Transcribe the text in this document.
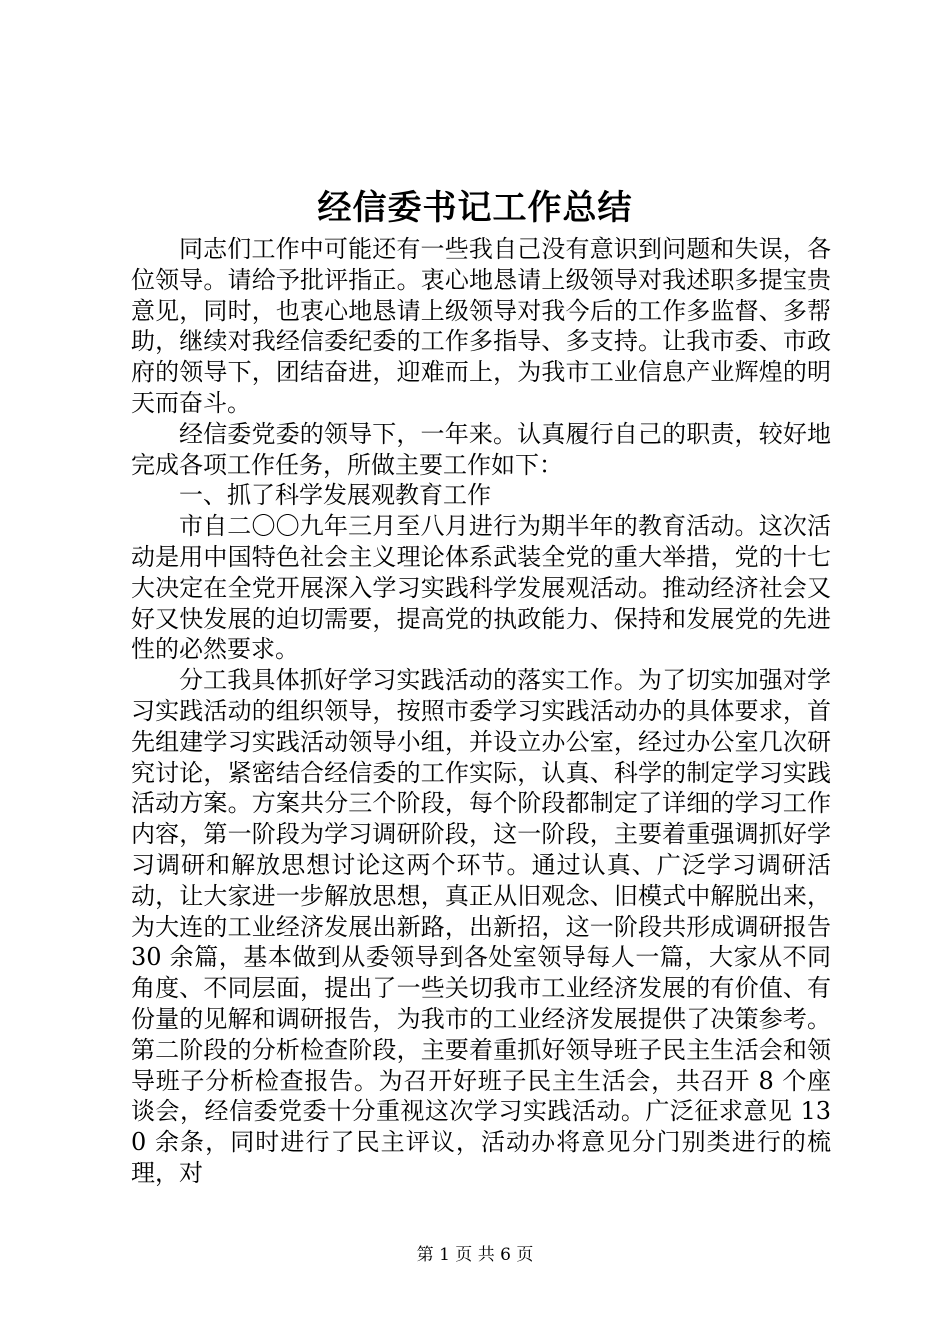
经信委书记工作总结

同志们工作中可能还有一些我自己没有意识到问题和失误，各位领导。请给予批评指正。衷心地恳请上级领导对我述职多提宝贵意见，同时，也衷心地恳请上级领导对我今后的工作多监督、多帮助，继续对我经信委纪委的工作多指导、多支持。让我市委、市政府的领导下，团结奋进，迎难而上，为我市工业信息产业辉煌的明天而奋斗。

经信委党委的领导下，一年来。认真履行自己的职责，较好地完成各项工作任务，所做主要工作如下：

一、抓了科学发展观教育工作

市自二〇〇九年三月至八月进行为期半年的教育活动。这次活动是用中国特色社会主义理论体系武装全党的重大举措，党的十七大决定在全党开展深入学习实践科学发展观活动。推动经济社会又好又快发展的迫切需要，提高党的执政能力、保持和发展党的先进性的必然要求。

分工我具体抓好学习实践活动的落实工作。为了切实加强对学习实践活动的组织领导，按照市委学习实践活动办的具体要求，首先组建学习实践活动领导小组，并设立办公室，经过办公室几次研究讨论，紧密结合经信委的工作实际，认真、科学的制定学习实践活动方案。方案共分三个阶段，每个阶段都制定了详细的学习工作内容，第一阶段为学习调研阶段，这一阶段，主要着重强调抓好学习调研和解放思想讨论这两个环节。通过认真、广泛学习调研活动，让大家进一步解放思想，真正从旧观念、旧模式中解脱出来，为大连的工业经济发展出新路，出新招，这一阶段共形成调研报告 30 余篇，基本做到从委领导到各处室领导每人一篇，大家从不同角度、不同层面，提出了一些关切我市工业经济发展的有价值、有份量的见解和调研报告，为我市的工业经济发展提供了决策参考。第二阶段的分析检查阶段，主要着重抓好领导班子民主生活会和领导班子分析检查报告。为召开好班子民主生活会，共召开 8 个座谈会，经信委党委十分重视这次学习实践活动。广泛征求意见 130 余条，同时进行了民主评议，活动办将意见分门别类进行的梳理，对

第 1 页 共 6 页
